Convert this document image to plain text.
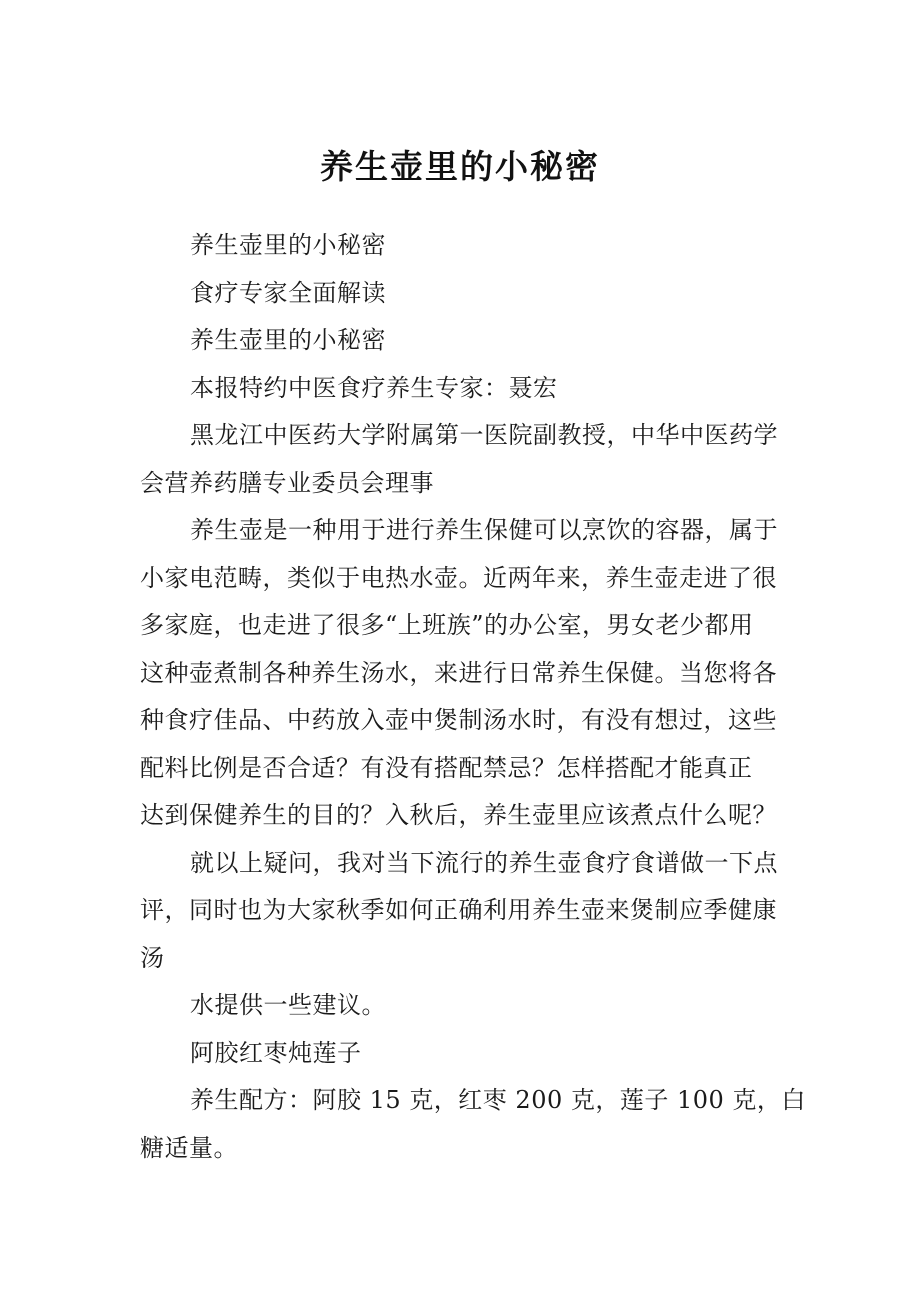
养生壶里的小秘密
养生壶里的小秘密
食疗专家全面解读
养生壶里的小秘密
本报特约中医食疗养生专家：聂宏
黑龙江中医药大学附属第一医院副教授，中华中医药学
会营养药膳专业委员会理事
养生壶是一种用于进行养生保健可以烹饮的容器，属于
小家电范畴，类似于电热水壶。近两年来，养生壶走进了很
多家庭，也走进了很多“上班族”的办公室，男女老少都用
这种壶煮制各种养生汤水，来进行日常养生保健。当您将各
种食疗佳品、中药放入壶中煲制汤水时，有没有想过，这些
配料比例是否合适？有没有搭配禁忌？怎样搭配才能真正
达到保健养生的目的？入秋后，养生壶里应该煮点什么呢？
就以上疑问，我对当下流行的养生壶食疗食谱做一下点
评，同时也为大家秋季如何正确利用养生壶来煲制应季健康
汤
水提供一些建议。
阿胶红枣炖莲子
养生配方：阿胶 15 克，红枣 200 克，莲子 100 克，白
糖适量。
